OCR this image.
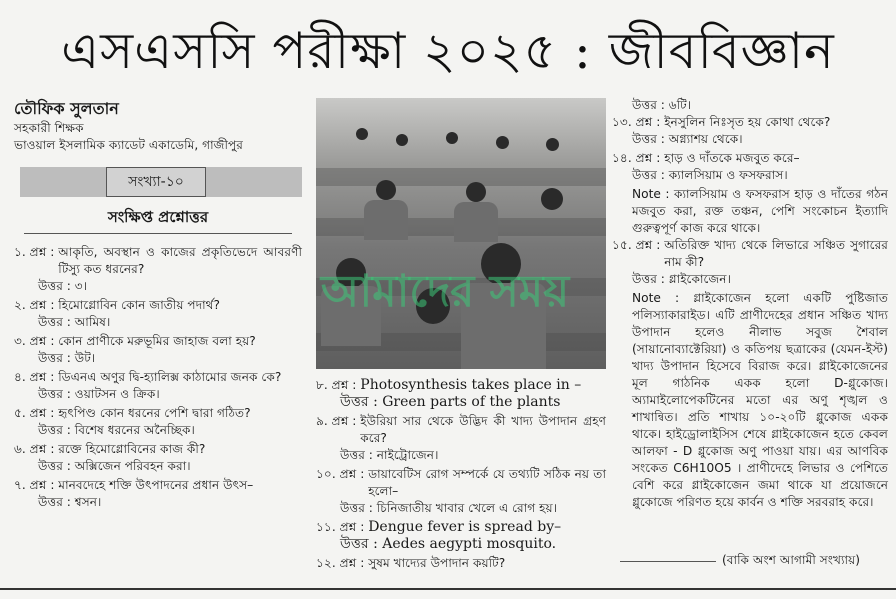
এসএসসি পরীক্ষা ২০২৫ : জীববিজ্ঞান
তৌফিক সুলতান
সহকারী শিক্ষক
ভাওয়াল ইসলামিক ক্যাডেট একাডেমি, গাজীপুর
সংখ্যা-১০
সংক্ষিপ্ত প্রশ্নোত্তর
১. প্রশ্ন : আকৃতি, অবস্থান ও কাজের প্রকৃতিভেদে আবরণী টিস্যু কত ধরনের?
উত্তর : ৩।
২. প্রশ্ন : হিমোগ্লোবিন কোন জাতীয় পদার্থ?
উত্তর : আমিষ।
৩. প্রশ্ন : কোন প্রাণীকে মরুভূমির জাহাজ বলা হয়?
উত্তর : উট।
৪. প্রশ্ন : ডিএনএ অণুর দ্বি-হ্যালিক্স কাঠামোর জনক কে?
উত্তর : ওয়াটসন ও ক্রিক।
৫. প্রশ্ন : হৃৎপিণ্ড কোন ধরনের পেশি দ্বারা গঠিত?
উত্তর : বিশেষ ধরনের অনৈচ্ছিক।
৬. প্রশ্ন : রক্তে হিমোগ্লোবিনের কাজ কী?
উত্তর : অক্সিজেন পরিবহন করা।
৭. প্রশ্ন : মানবদেহে শক্তি উৎপাদনের প্রধান উৎস–
উত্তর : শ্বসন।
৮. প্রশ্ন : Photosynthesis takes place in –
উত্তর : Green parts of the plants
৯. প্রশ্ন : ইউরিয়া সার থেকে উদ্ভিদ কী খাদ্য উপাদান গ্রহণ করে?
উত্তর : নাইট্রোজেন।
১০. প্রশ্ন : ডায়াবেটিস রোগ সম্পর্কে যে তথ্যটি সঠিক নয় তা হলো–
উত্তর : চিনিজাতীয় খাবার খেলে এ রোগ হয়।
১১. প্রশ্ন : Dengue fever is spread by–
উত্তর : Aedes aegypti mosquito.
১২. প্রশ্ন : সুষম খাদ্যের উপাদান কয়টি?
উত্তর : ৬টি।
১৩. প্রশ্ন : ইনসুলিন নিঃসৃত হয় কোথা থেকে?
উত্তর : অগ্ন্যাশয় থেকে।
১৪. প্রশ্ন : হাড় ও দাঁতকে মজবুত করে–
উত্তর : ক্যালসিয়াম ও ফসফরাস।

Note : ক্যালসিয়াম ও ফসফরাস হাড় ও দাঁতের গঠন মজবুত করা, রক্ত তঞ্চন, পেশি সংকোচন ইত্যাদি গুরুত্বপূর্ণ কাজ করে থাকে।

১৫. প্রশ্ন : অতিরিক্ত খাদ্য থেকে লিভারে সঞ্চিত সুগারের নাম কী?
উত্তর : গ্লাইকোজেন।

Note : গ্লাইকোজেন হলো একটি পুষ্টিজাত পলিস্যাকারাইড। এটি প্রাণীদেহের প্রধান সঞ্চিত খাদ্য উপাদান হলেও নীলাভ সবুজ শৈবাল (সায়ানোব্যাক্টেরিয়া) ও কতিপয় ছত্রাকের (যেমন-ইস্ট) খাদ্য উপাদান হিসেবে বিরাজ করে। গ্লাইকোজেনের মূল গাঠনিক একক হলো D-গ্লুকোজ। অ্যামাইলোপেকটিনের মতো এর অণু শৃঙ্খল ও শাখান্বিত। প্রতি শাখায় ১০-২০টি গ্লুকোজ একক থাকে। হাইড্রোলাইসিস শেষে গ্লাইকোজেন হতে কেবল আলফা - D গ্লুকোজ অণু পাওয়া যায়। এর আণবিক সংকেত C6H10O5 । প্রাণীদেহে লিভার ও পেশিতে বেশি করে গ্লাইকোজেন জমা থাকে যা প্রয়োজনে গ্লুকোজে পরিণত হয়ে কার্বন ও শক্তি সরবরাহ করে।

আমাদের সময়
(বাকি অংশ আগামী সংখ্যায়)
